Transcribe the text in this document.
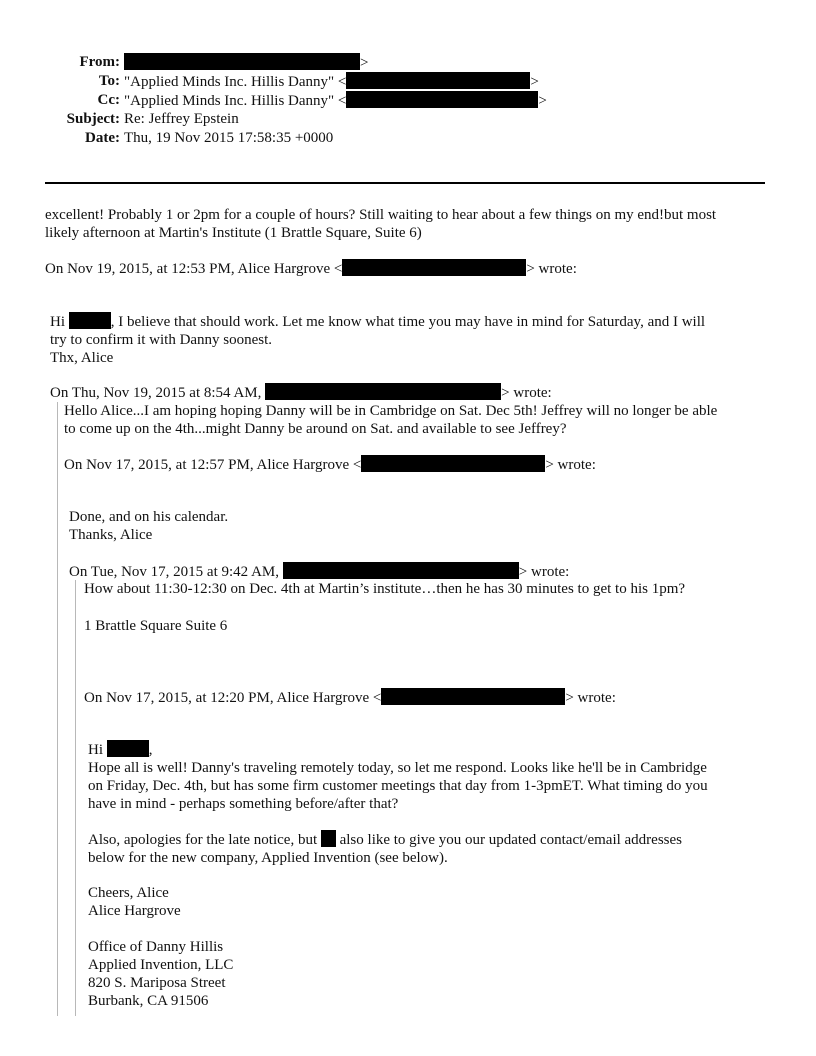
From:	>
To: "Applied Minds Inc. Hillis Danny" <	>
Cc: "Applied Minds Inc. Hillis Danny" <	>
Subject: Re: Jeffrey Epstein
Date: Thu, 19 Nov 2015 17:58:35 +0000
excellent! Probably 1 or 2pm for a couple of hours? Still waiting to hear about a few things on my end!but most
likely afternoon at Martin's Institute (1 Brattle Square, Suite 6)
On Nov 19, 2015, at 12:53 PM, Alice Hargrove <	> wrote:
Hi	, I believe that should work. Let me know what time you may have in mind for Saturday, and I will
try to confirm it with Danny soonest.
Thx, Alice
On Thu, Nov 19, 2015 at 8:54 AM,	> wrote:
Hello Alice...I am hoping hoping Danny will be in Cambridge on Sat. Dec 5th! Jeffrey will no longer be able
to come up on the 4th...might Danny be around on Sat. and available to see Jeffrey?
On Nov 17, 2015, at 12:57 PM, Alice Hargrove <	> wrote:
Done, and on his calendar.
Thanks, Alice
On Tue, Nov 17, 2015 at 9:42 AM,	> wrote:
How about 11:30-12:30 on Dec. 4th at Martin’s institute…then he has 30 minutes to get to his 1pm?
1 Brattle Square Suite 6
On Nov 17, 2015, at 12:20 PM, Alice Hargrove <	> wrote:
Hi	,
Hope all is well! Danny's traveling remotely today, so let me respond. Looks like he'll be in Cambridge
on Friday, Dec. 4th, but has some firm customer meetings that day from 1-3pmET. What timing do you
have in mind - perhaps something before/after that?
Also, apologies for the late notice, but  also like to give you our updated contact/email addresses
below for the new company, Applied Invention (see below).
Cheers, Alice
Alice Hargrove
Office of Danny Hillis
Applied Invention, LLC
820 S. Mariposa Street
Burbank, CA 91506
